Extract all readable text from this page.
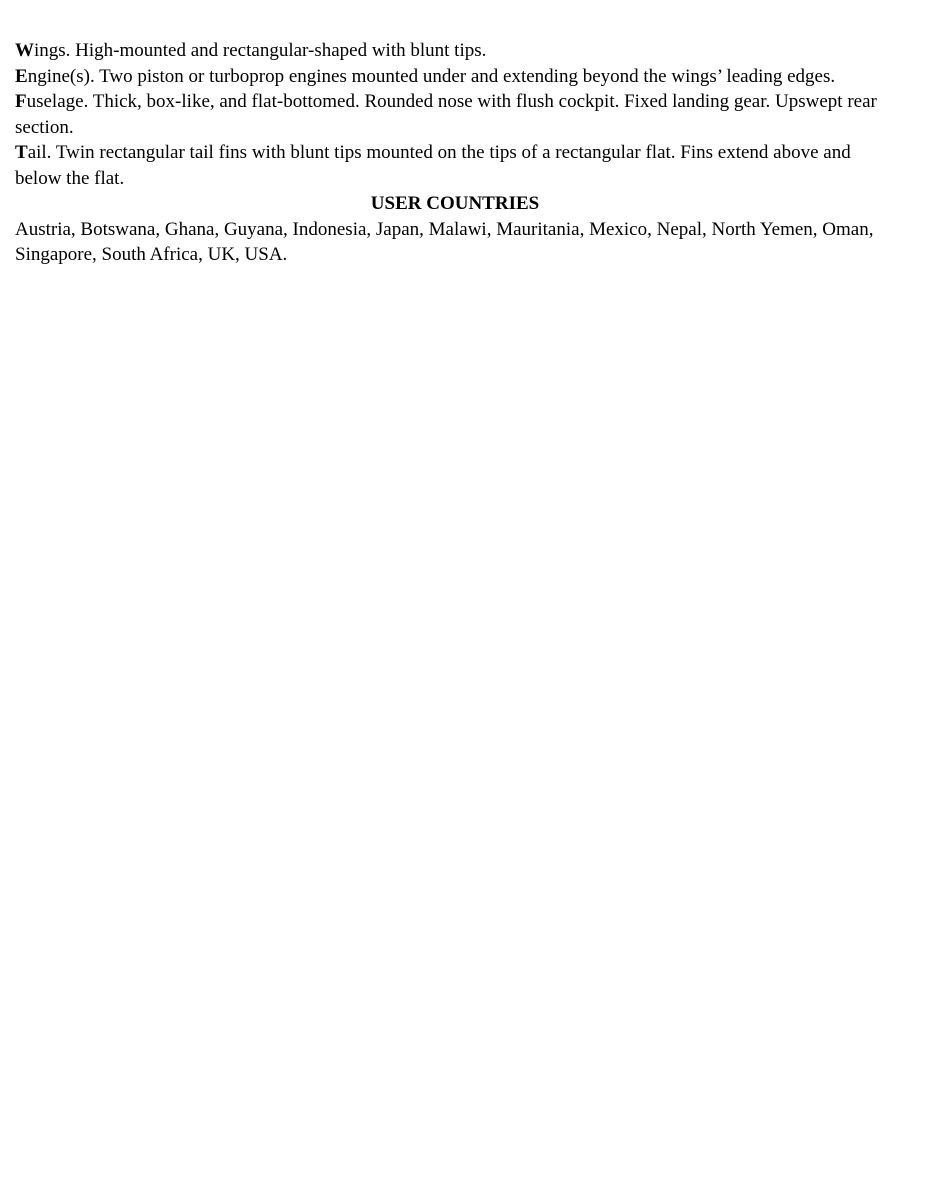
Wings. High-mounted and rectangular-shaped with blunt tips.

Engine(s). Two piston or turboprop engines mounted under and extending beyond the wings’ leading edges.

Fuselage. Thick, box-like, and flat-bottomed. Rounded nose with flush cockpit. Fixed landing gear. Upswept rear section.

Tail. Twin rectangular tail fins with blunt tips mounted on the tips of a rectangular flat. Fins extend above and below the flat.

USER COUNTRIES

Austria, Botswana, Ghana, Guyana, Indonesia, Japan, Malawi, Mauritania, Mexico, Nepal, North Yemen, Oman, Singapore, South Africa, UK, USA.
